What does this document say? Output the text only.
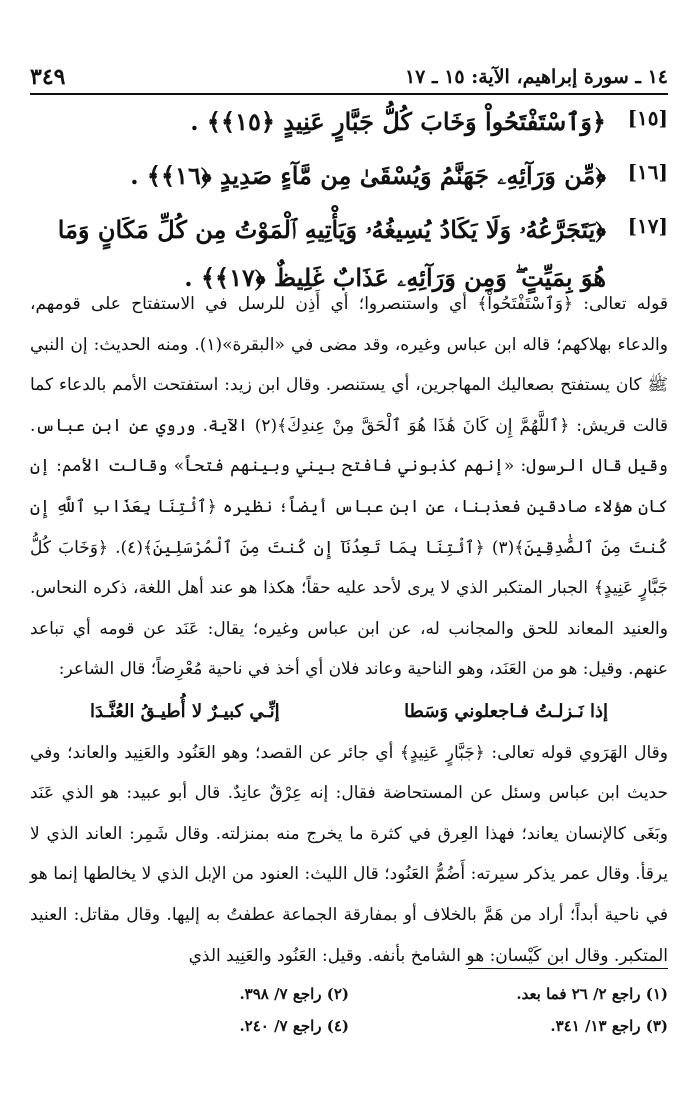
١٤ ـ سورة إبراهيم، الآية: ١٥ ـ ١٧
٣٤٩
[١٥]
﴿وَٱسْتَفْتَحُواْ وَخَابَ كُلُّ جَبَّارٍ عَنِيدٍ ﴿١٥﴾﴾ .
[١٦]
﴿مِّن وَرَآئِهِۦ جَهَنَّمُ وَيُسْقَىٰ مِن مَّآءٍ صَدِيدٍ ﴿١٦﴾﴾ .
[١٧]
﴿يَتَجَرَّعُهُۥ وَلَا يَكَادُ يُسِيغُهُۥ وَيَأْتِيهِ ٱلْمَوْتُ مِن كُلِّ مَكَانٍ وَمَا هُوَ بِمَيِّتٍ ۖ وَمِن وَرَآئِهِۦ عَذَابٌ غَلِيظٌ ﴿١٧﴾﴾ .

قوله تعالى: ﴿وَٱسْتَفْتَحُواْ﴾ أي واستنصروا؛ أي أَذِن للرسل في الاستفتاح على قومهم، والدعاء بهلاكهم؛ قاله ابن عباس وغيره، وقد مضى في «البقرة»(١). ومنه الحديث: إن النبي ﷺ كان يستفتح بصعاليك المهاجرين، أي يستنصر. وقال ابن زيد: استفتحت الأمم بالدعاء كما قالت قريش: ﴿ٱللَّهُمَّ إِن كَانَ هَٰذَا هُوَ ٱلْحَقَّ مِنْ عِندِكَ﴾(٢) الآية. وروي عن ابن عباس. وقيل قال الرسول: «إنهم كذبوني فافتح بيني وبينهم فتحاً» وقالت الأمم: إن كان هؤلاء صادقين فعذبنا، عن ابن عباس أيضاً؛ نظيره ﴿ٱئْتِنَا بِعَذَابِ ٱللَّهِ إِن كُنتَ مِنَ ٱلصَّٰدِقِينَ﴾(٣) ﴿ٱئْتِنَا بِمَا تَعِدُنَآ إِن كُنتَ مِنَ ٱلْمُرْسَلِينَ﴾(٤). ﴿وَخَابَ كُلُّ جَبَّارٍ عَنِيدٍ﴾ الجبار المتكبر الذي لا يرى لأحد عليه حقاً؛ هكذا هو عند أهل اللغة، ذكره النحاس. والعنيد المعاند للحق والمجانب له، عن ابن عباس وغيره؛ يقال: عَنَد عن قومه أي تباعد عنهم. وقيل: هو من العَنَد، وهو الناحية وعاند فلان أي أخذ في ناحية مُعْرِضاً؛ قال الشاعر:

إذا نَـزلـتُ فـاجعلوني وَسَطا
إنِّـي كبيـرٌ لا أُطيـقُ العُنَّـدَا

وقال الهَرَوي قوله تعالى: ﴿جَبَّارٍ عَنِيدٍ﴾ أي جائر عن القصد؛ وهو العَنُود والعَنِيد والعاند؛ وفي حديث ابن عباس وسئل عن المستحاضة فقال: إنه عِرْقٌ عانِدٌ. قال أبو عبيد: هو الذي عَنَد وبَغَى كالإنسان يعاند؛ فهذا العِرق في كثرة ما يخرج منه بمنزلته. وقال شَمِر: العاند الذي لا يرقأ. وقال عمر يذكر سيرته: أَضُمُّ العَنُود؛ قال الليث: العنود من الإبل الذي لا يخالطها إنما هو في ناحية أبداً؛ أراد من هَمَّ بالخلاف أو بمفارقة الجماعة عطفتُ به إليها. وقال مقاتل: العنيد المتكبر. وقال ابن كَيْسان: هو الشامخ بأنفه. وقيل: العَنُود والعَنِيد الذي

(١) راجع ٢/ ٢٦ فما بعد.
(٢) راجع ٧/ ٣٩٨.
(٣) راجع ١٣/ ٣٤١.
(٤) راجع ٧/ ٢٤٠.
